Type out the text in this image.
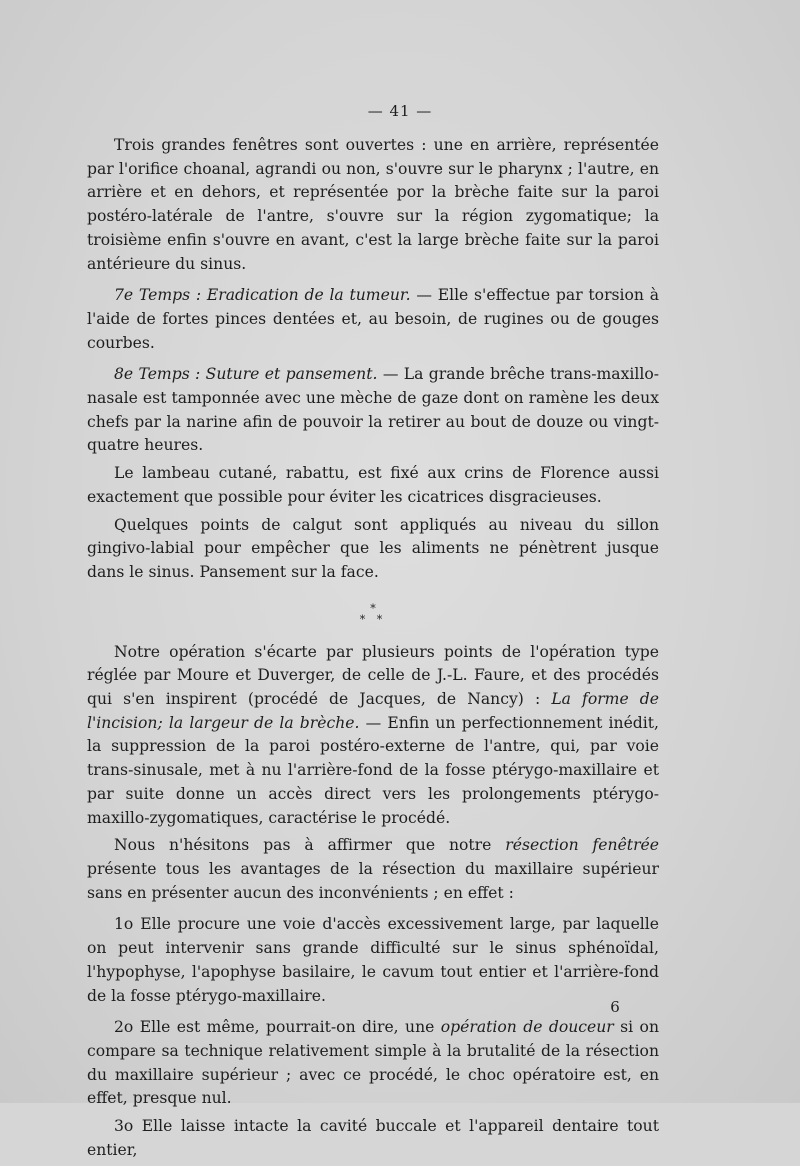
— 41 —

Trois grandes fenêtres sont ouvertes : une en arrière, représentée par l'orifice choanal, agrandi ou non, s'ouvre sur le pharynx ; l'autre, en arrière et en dehors, et représentée por la brèche faite sur la paroi postéro-latérale de l'antre, s'ouvre sur la région zygomatique; la troisième enfin s'ouvre en avant, c'est la large brèche faite sur la paroi antérieure du sinus.

7e Temps : Eradication de la tumeur. — Elle s'effectue par torsion à l'aide de fortes pinces dentées et, au besoin, de rugines ou de gouges courbes.

8e Temps : Suture et pansement. — La grande brêche trans-maxillo-nasale est tamponnée avec une mèche de gaze dont on ramène les deux chefs par la narine afin de pouvoir la retirer au bout de douze ou vingt-quatre heures.

Le lambeau cutané, rabattu, est fixé aux crins de Florence aussi exactement que possible pour éviter les cicatrices disgracieuses.

Quelques points de calgut sont appliqués au niveau du sillon gingivo-labial pour empêcher que les aliments ne pénètrent jusque dans le sinus. Pansement sur la face.

*
* *

Notre opération s'écarte par plusieurs points de l'opération type réglée par Moure et Duverger, de celle de J.-L. Faure, et des procédés qui s'en inspirent (procédé de Jacques, de Nancy) : La forme de l'incision; la largeur de la brèche. — Enfin un perfectionnement inédit, la suppression de la paroi postéro-externe de l'antre, qui, par voie trans-sinusale, met à nu l'arrière-fond de la fosse ptérygo-maxillaire et par suite donne un accès direct vers les prolongements ptérygo-maxillo-zygomatiques, caractérise le procédé.

Nous n'hésitons pas à affirmer que notre résection fenêtrée présente tous les avantages de la résection du maxillaire supérieur sans en présenter aucun des inconvénients ; en effet :

1o Elle procure une voie d'accès excessivement large, par laquelle on peut intervenir sans grande difficulté sur le sinus sphénoïdal, l'hypophyse, l'apophyse basilaire, le cavum tout entier et l'arrière-fond de la fosse ptérygo-maxillaire.

2o Elle est même, pourrait-on dire, une opération de douceur si on compare sa technique relativement simple à la brutalité de la résection du maxillaire supérieur ; avec ce procédé, le choc opératoire est, en effet, presque nul.

3o Elle laisse intacte la cavité buccale et l'appareil dentaire tout entier,

6
